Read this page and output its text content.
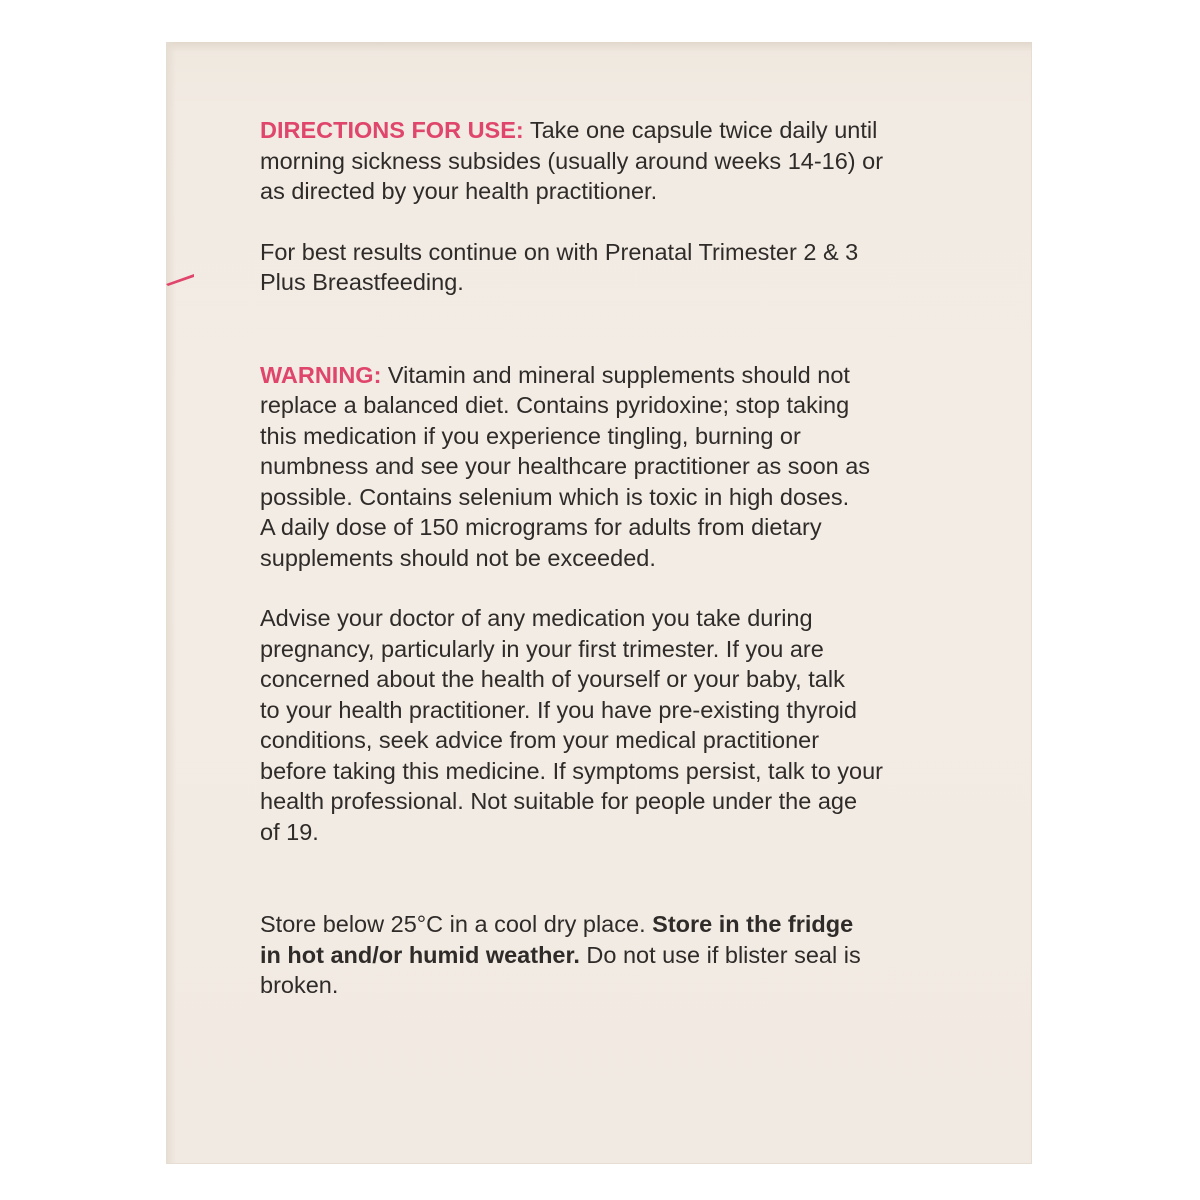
DIRECTIONS FOR USE: Take one capsule twice daily until
morning sickness subsides (usually around weeks 14-16) or
as directed by your health practitioner.

For best results continue on with Prenatal Trimester 2 & 3
Plus Breastfeeding.

WARNING: Vitamin and mineral supplements should not
replace a balanced diet. Contains pyridoxine; stop taking
this medication if you experience tingling, burning or
numbness and see your healthcare practitioner as soon as
possible. Contains selenium which is toxic in high doses.
A daily dose of 150 micrograms for adults from dietary
supplements should not be exceeded.

Advise your doctor of any medication you take during
pregnancy, particularly in your first trimester. If you are
concerned about the health of yourself or your baby, talk
to your health practitioner. If you have pre-existing thyroid
conditions, seek advice from your medical practitioner
before taking this medicine. If symptoms persist, talk to your
health professional. Not suitable for people under the age
of 19.

Store below 25°C in a cool dry place. Store in the fridge
in hot and/or humid weather. Do not use if blister seal is
broken.
